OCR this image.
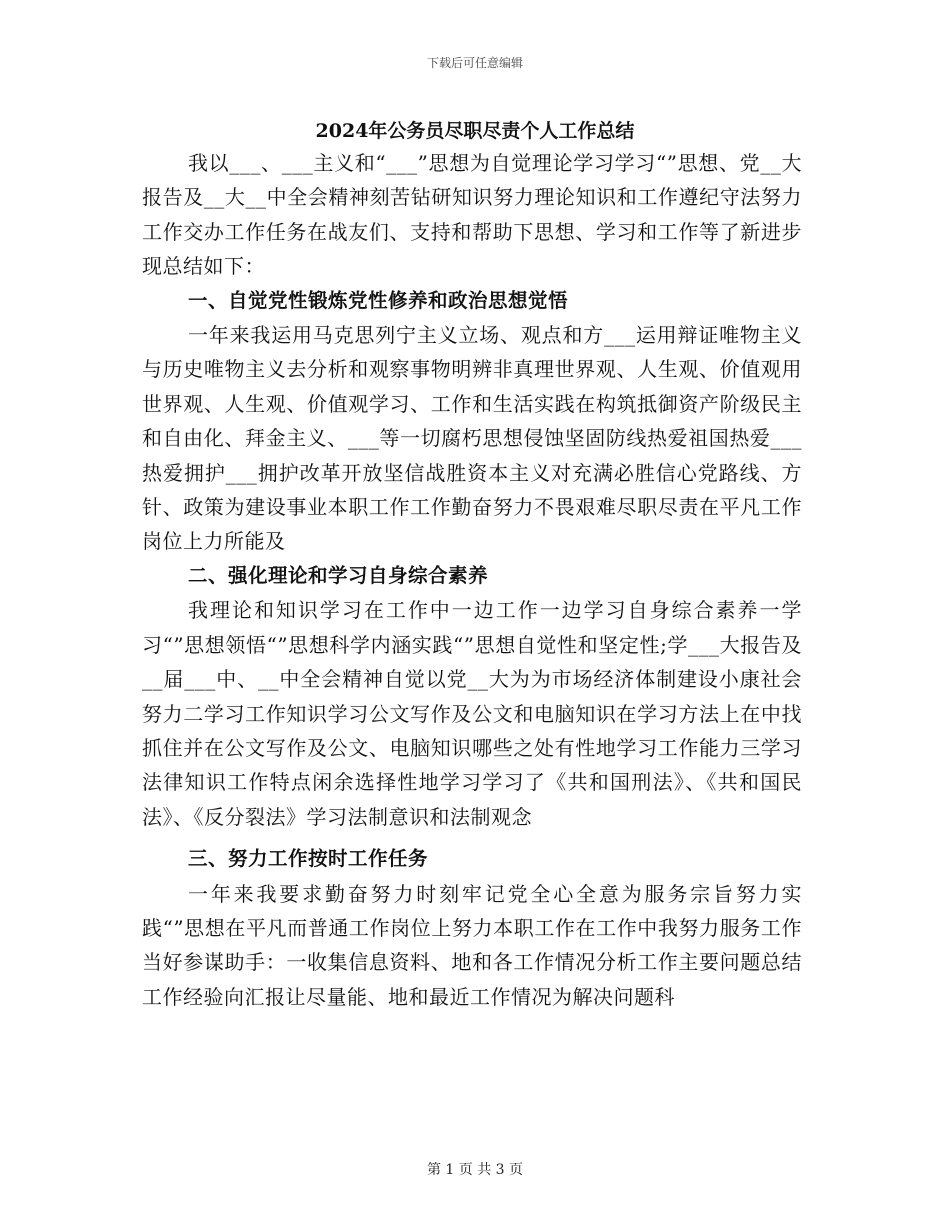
下载后可任意编辑
2024年公务员尽职尽责个人工作总结

我以___、___主义和“___”思想为自觉理论学习学习“”思想、党__大报告及__大__中全会精神刻苦钻研知识努力理论知识和工作遵纪守法努力工作交办工作任务在战友们、支持和帮助下思想、学习和工作等了新进步现总结如下：

一、自觉党性锻炼党性修养和政治思想觉悟

一年来我运用马克思列宁主义立场、观点和方___运用辩证唯物主义与历史唯物主义去分析和观察事物明辨非真理世界观、人生观、价值观用世界观、人生观、价值观学习、工作和生活实践在构筑抵御资产阶级民主和自由化、拜金主义、___等一切腐朽思想侵蚀坚固防线热爱祖国热爱___热爱拥护___拥护改革开放坚信战胜资本主义对充满必胜信心党路线、方针、政策为建设事业本职工作工作勤奋努力不畏艰难尽职尽责在平凡工作岗位上力所能及

二、强化理论和学习自身综合素养

我理论和知识学习在工作中一边工作一边学习自身综合素养一学习“”思想领悟“”思想科学内涵实践“”思想自觉性和坚定性;学___大报告及__届___中、__中全会精神自觉以党__大为为市场经济体制建设小康社会努力二学习工作知识学习公文写作及公文和电脑知识在学习方法上在中找抓住并在公文写作及公文、电脑知识哪些之处有性地学习工作能力三学习法律知识工作特点闲余选择性地学习学习了《共和国刑法》、《共和国民法》、《反分裂法》学习法制意识和法制观念

三、努力工作按时工作任务

一年来我要求勤奋努力时刻牢记党全心全意为服务宗旨努力实践“”思想在平凡而普通工作岗位上努力本职工作在工作中我努力服务工作当好参谋助手：一收集信息资料、地和各工作情况分析工作主要问题总结工作经验向汇报让尽量能、地和最近工作情况为解决问题科

第 1 页 共 3 页
